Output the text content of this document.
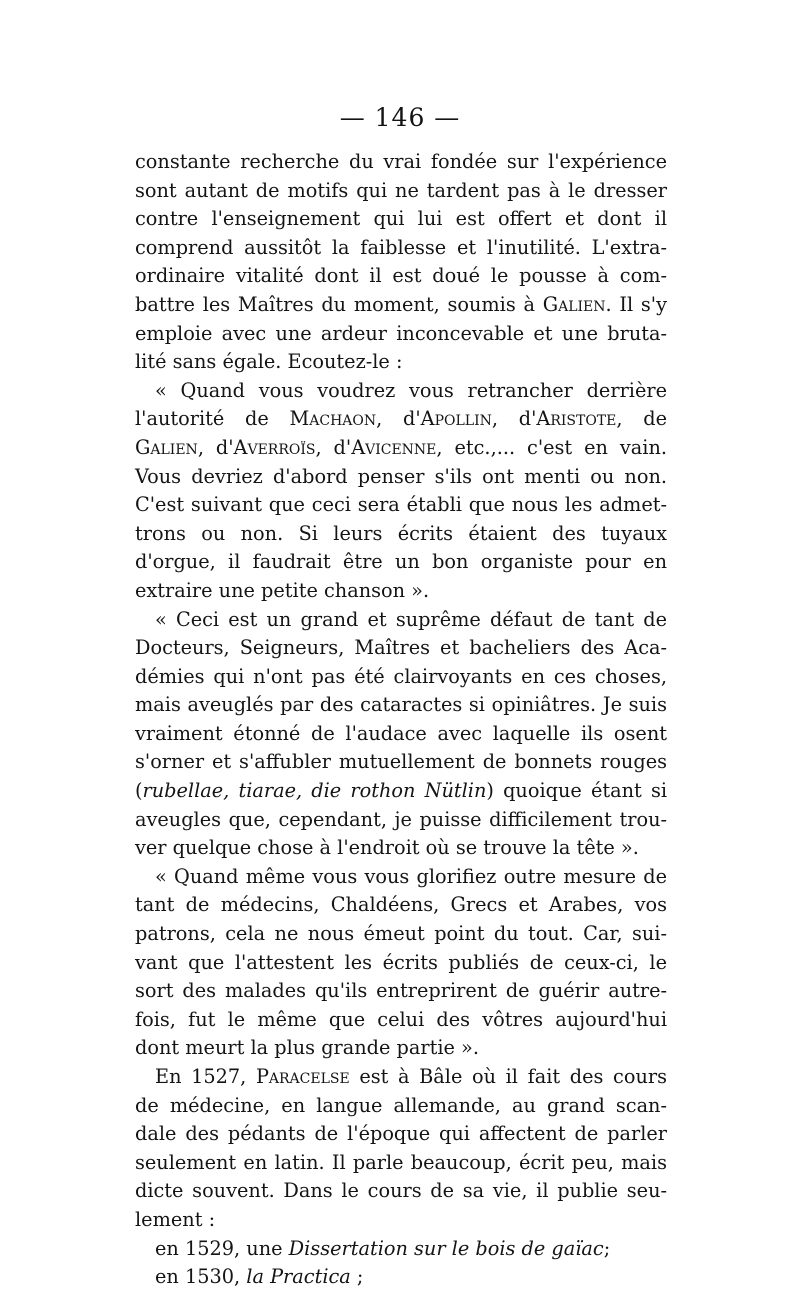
— 146 —
constante recherche du vrai fondée sur l'expérience
sont autant de motifs qui ne tardent pas à le dresser
contre l'enseignement qui lui est offert et dont il
comprend aussitôt la faiblesse et l'inutilité. L'extra-
ordinaire vitalité dont il est doué le pousse à com-
battre les Maîtres du moment, soumis à Galien. Il s'y
emploie avec une ardeur inconcevable et une bruta-
lité sans égale. Ecoutez-le :
« Quand vous voudrez vous retrancher derrière
l'autorité de Machaon, d'Apollin, d'Aristote, de
Galien, d'Averroïs, d'Avicenne, etc.,... c'est en vain.
Vous devriez d'abord penser s'ils ont menti ou non.
C'est suivant que ceci sera établi que nous les admet-
trons ou non. Si leurs écrits étaient des tuyaux
d'orgue, il faudrait être un bon organiste pour en
extraire une petite chanson ».
« Ceci est un grand et suprême défaut de tant de
Docteurs, Seigneurs, Maîtres et bacheliers des Aca-
démies qui n'ont pas été clairvoyants en ces choses,
mais aveuglés par des cataractes si opiniâtres. Je suis
vraiment étonné de l'audace avec laquelle ils osent
s'orner et s'affubler mutuellement de bonnets rouges
(rubellae, tiarae, die rothon Nütlin) quoique étant si
aveugles que, cependant, je puisse difficilement trou-
ver quelque chose à l'endroit où se trouve la tête ».
« Quand même vous vous glorifiez outre mesure de
tant de médecins, Chaldéens, Grecs et Arabes, vos
patrons, cela ne nous émeut point du tout. Car, sui-
vant que l'attestent les écrits publiés de ceux-ci, le
sort des malades qu'ils entreprirent de guérir autre-
fois, fut le même que celui des vôtres aujourd'hui
dont meurt la plus grande partie ».
En 1527, Paracelse est à Bâle où il fait des cours
de médecine, en langue allemande, au grand scan-
dale des pédants de l'époque qui affectent de parler
seulement en latin. Il parle beaucoup, écrit peu, mais
dicte souvent. Dans le cours de sa vie, il publie seu-
lement :
en 1529, une Dissertation sur le bois de gaïac;
en 1530, la Practica ;
